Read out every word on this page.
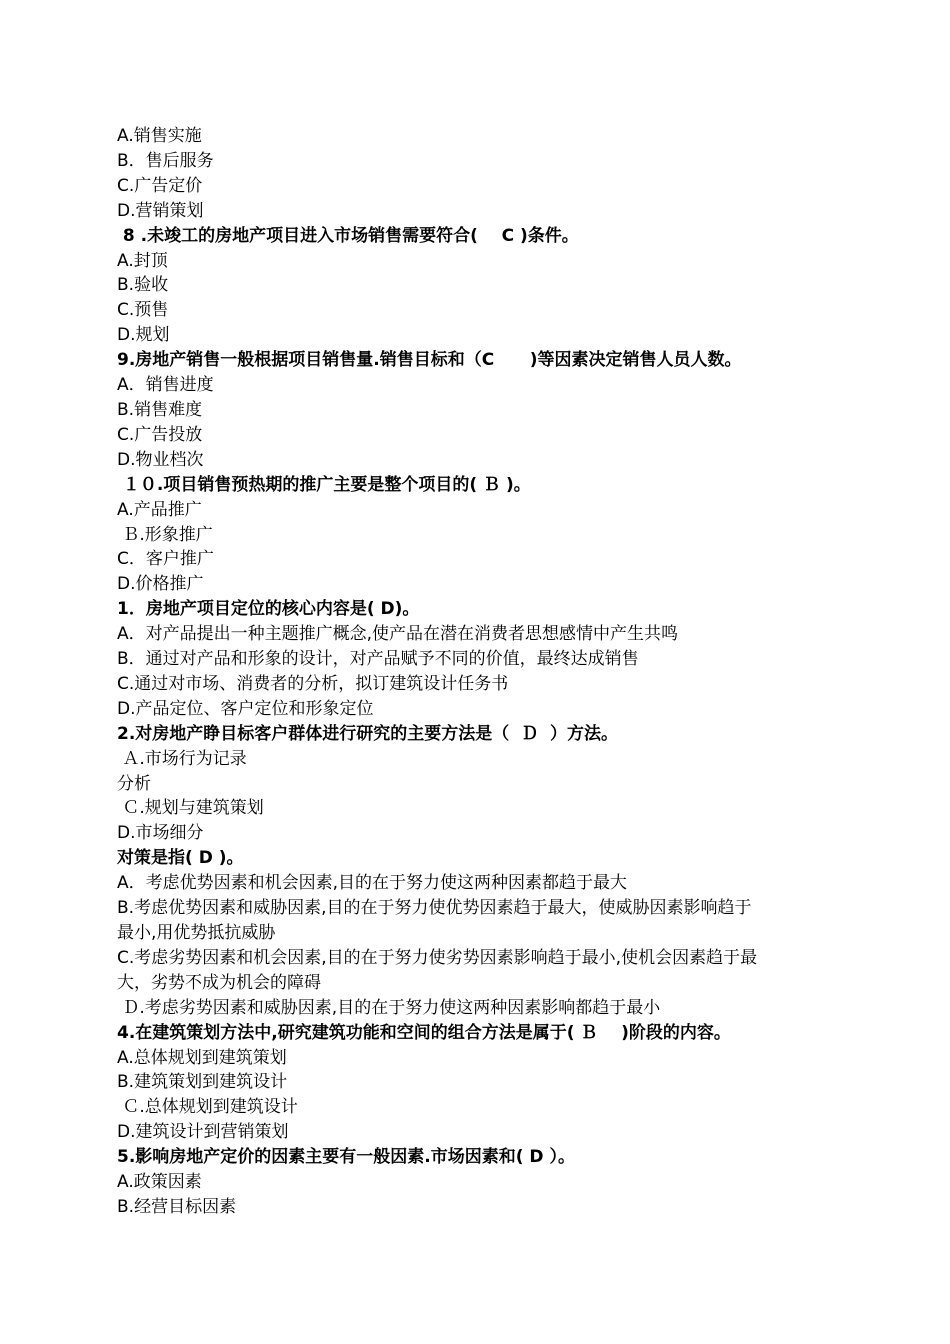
A.销售实施

B．售后服务

C.广告定价

D.营销策划

8 .未竣工的房地产项目进入市场销售需要符合(    C )条件。

A.封顶

B.验收

C.预售

D.规划

9.房地产销售一般根据项目销售量.销售目标和（C      )等因素决定销售人员人数。

A．销售进度

B.销售难度

C.广告投放

D.物业档次

１０.项目销售预热期的推广主要是整个项目的( Ｂ )。

A.产品推广

Ｂ.形象推广

C．客户推广

D.价格推广

1．房地产项目定位的核心内容是( D)。

A．对产品提出一种主题推广概念,使产品在潜在消费者思想感情中产生共鸣

B．通过对产品和形象的设计，对产品赋予不同的价值，最终达成销售

C.通过对市场、消费者的分析，拟订建筑设计任务书

D.产品定位、客户定位和形象定位

2.对房地产睁目标客户群体进行研究的主要方法是（  Ｄ  ）方法。

Ａ.市场行为记录

分析

Ｃ.规划与建筑策划

D.市场细分

对策是指( D )。

A．考虑优势因素和机会因素,目的在于努力使这两种因素都趋于最大

B.考虑优势因素和威胁因素,目的在于努力使优势因素趋于最大，使威胁因素影响趋于

最小,用优势抵抗威胁

C.考虑劣势因素和机会因素,目的在于努力使劣势因素影响趋于最小,使机会因素趋于最

大，劣势不成为机会的障碍

Ｄ.考虑劣势因素和威胁因素,目的在于努力使这两种因素影响都趋于最小

4.在建筑策划方法中,研究建筑功能和空间的组合方法是属于( Ｂ    )阶段的内容。

A.总体规划到建筑策划

B.建筑策划到建筑设计

Ｃ.总体规划到建筑设计

D.建筑设计到营销策划

5.影响房地产定价的因素主要有一般因素.市场因素和( D ）。

A.政策因素

B.经营目标因素
